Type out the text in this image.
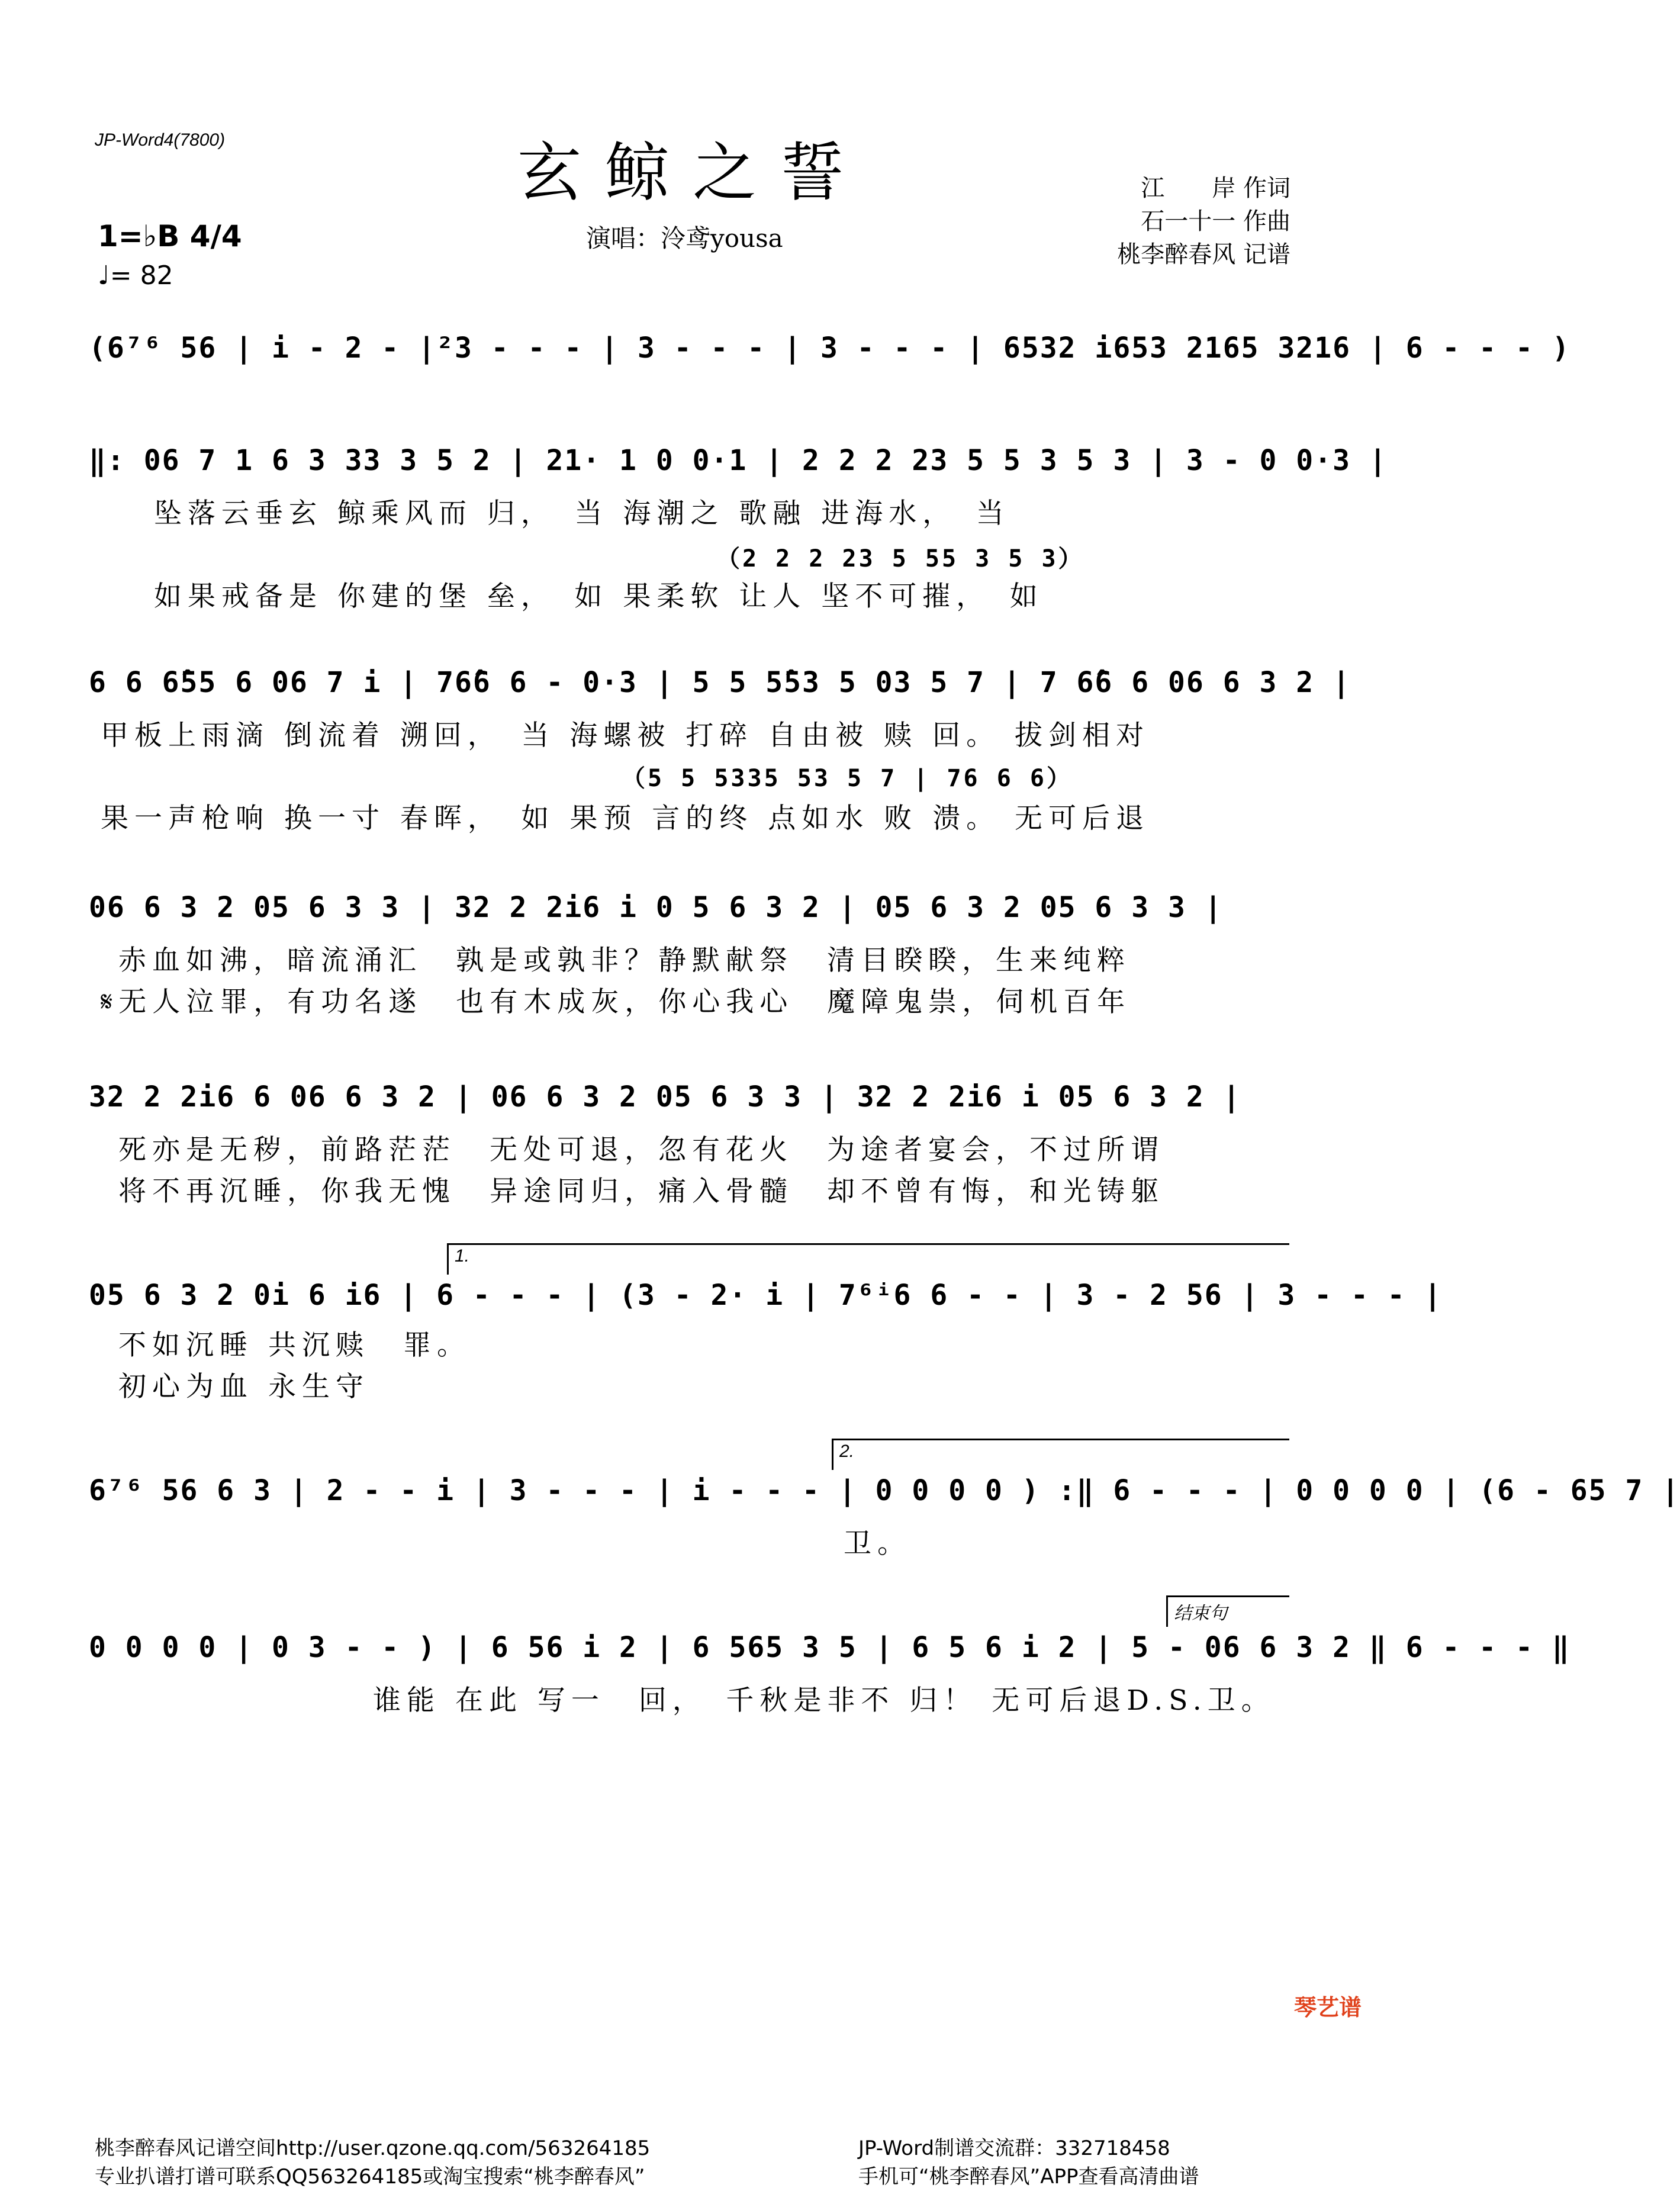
JP-Word4(7800)	玄鲸之誓
演唱：泠鸢yousa
江　　岸 作词
石一十一 作曲
桃李醉春风 记谱
1=♭B 4/4
♩= 82
(6⁷⁶ 56 | i - 2 - |²3 - - - | 3 - - - | 3 - - - | 6532 i653 2165 3216 | 6 - - - )
‖: 06 7 1 6 3 33 3 5 2 | 21· 1 0 0·1 | 2 2 2 23 5 5 3 5 3 | 3 - 0 0·3 |
坠落云垂玄 鲸乘风而 归，　当 海潮之 歌融 进海水，　当
（2 2 2 23 5 55 3 5 3）
如果戒备是 你建的堡 垒，　如 果柔软 让人 坚不可摧，　如
6 6 6̂55 6 06 7 i | 76̂6 6 - 0·3 | 5 5 5̂53 5 03 5 7 | 7 6̂6 6 06 6 3 2 |
甲板上雨滴 倒流着 溯回，　当 海螺被 打碎 自由被 赎 回。 拔剑相对
（5 5 5335 53 5 7 | 76 6 6）
果一声枪响 换一寸 春晖，　如 果预 言的终 点如水 败 溃。 无可后退
06 6 3 2 05 6 3 3 | 32 2 2i6 i 0 5 6 3 2 | 05 6 3 2 05 6 3 3 |
赤血如沸，暗流涌汇　孰是或孰非？静默献祭　清目睽睽，生来纯粹
𝄋无人泣罪，有功名遂　也有木成灰，你心我心　魔障鬼祟，伺机百年
32 2 2i6 6 06 6 3 2 | 06 6 3 2 05 6 3 3 | 32 2 2i6 i 05 6 3 2 |
死亦是无秽，前路茫茫　无处可退，忽有花火　为途者宴会，不过所谓
将不再沉睡，你我无愧　异途同归，痛入骨髓　却不曾有悔，和光铸躯
1.
05 6 3 2 0i 6 i6 | 6 - - - | (3 - 2· i | 7⁶ⁱ6 6 - - | 3 - 2 56 | 3 - - - |
不如沉睡 共沉赎　罪。
初心为血 永生守
2.
6⁷⁶ 56 6 3 | 2 - - i | 3 - - - | i - - - | 0 0 0 0 ) :‖ 6 - - - | 0 0 0 0 | (6 - 65 7 |
卫。
结束句
0 0 0 0 | 0 3 - - ) | 6 56 i 2 | 6 565 3 5 | 6 5 6 i 2 | 5 - 06 6 3 2 ‖ 6 - - - ‖
谁能 在此 写一　回，　千秋是非不 归！ 无可后退D.S.卫。
桃李醉春风记谱空间http://user.qzone.qq.com/563264185
专业扒谱打谱可联系QQ563264185或淘宝搜索“桃李醉春风”
JP-Word制谱交流群：332718458
手机可“桃李醉春风”APP查看高清曲谱
琴艺谱
